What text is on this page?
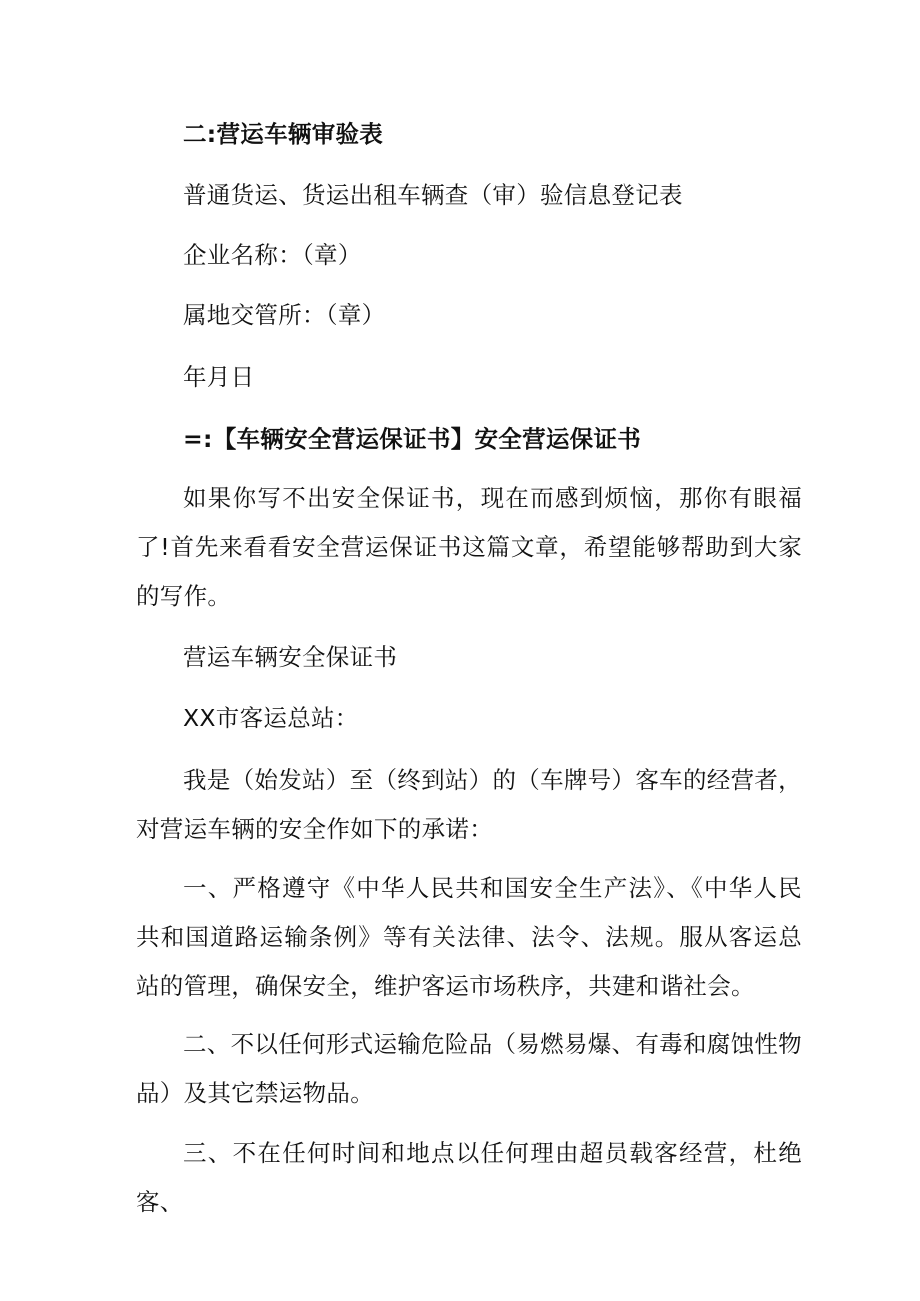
二:营运车辆审验表
普通货运、货运出租车辆查（审）验信息登记表
企业名称：（章）
属地交管所：（章）
年月日
=:【车辆安全营运保证书】安全营运保证书
如果你写不出安全保证书，现在而感到烦恼，那你有眼福了!首先来看看安全营运保证书这篇文章，希望能够帮助到大家的写作。
营运车辆安全保证书
XX市客运总站：
我是（始发站）至（终到站）的（车牌号）客车的经营者，对营运车辆的安全作如下的承诺：
一、严格遵守《中华人民共和国安全生产法》、《中华人民共和国道路运输条例》等有关法律、法令、法规。服从客运总站的管理，确保安全，维护客运市场秩序，共建和谐社会。
二、不以任何形式运输危险品（易燃易爆、有毒和腐蚀性物品）及其它禁运物品。
三、不在任何时间和地点以任何理由超员载客经营，杜绝客、
